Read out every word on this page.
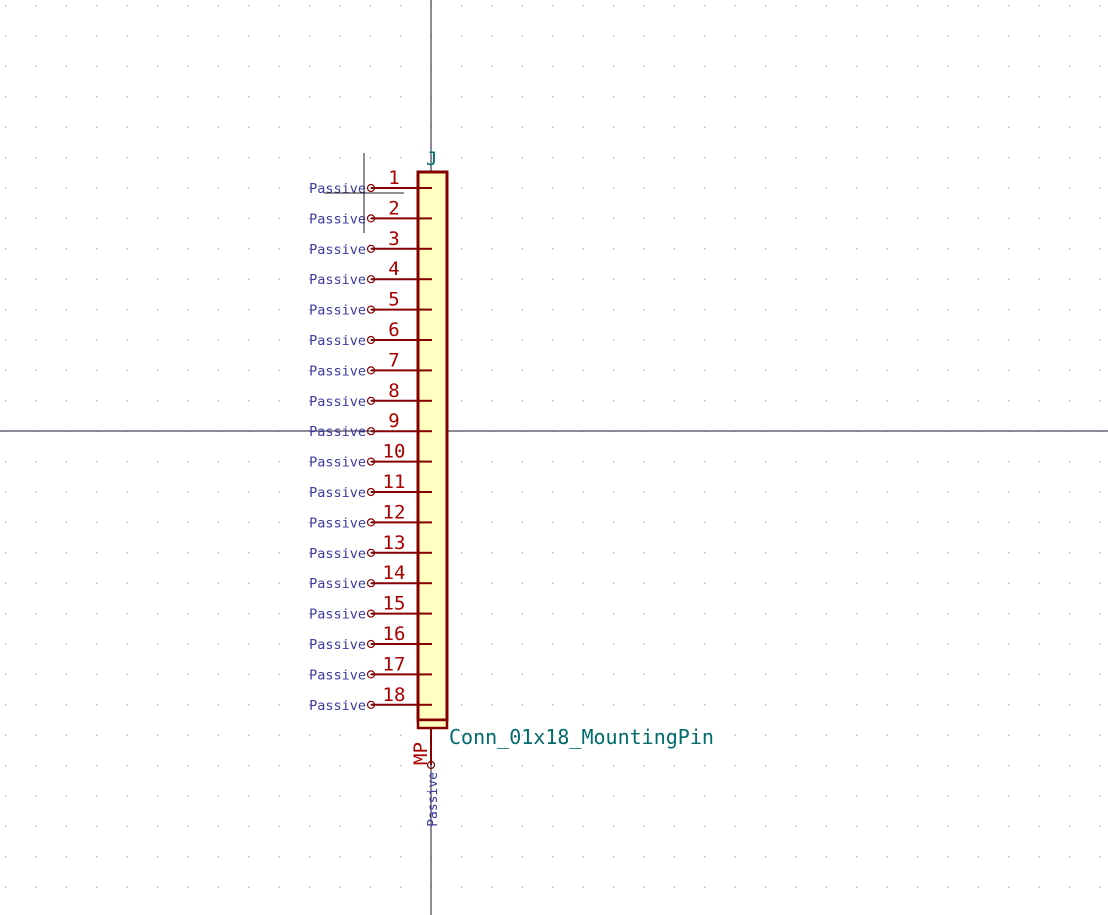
J
1
Passive
2
Passive
3
Passive
4
Passive
5
Passive
6
Passive
7
Passive
8
Passive
9
Passive
10
Passive
11
Passive
12
Passive
13
Passive
14
Passive
15
Passive
16
Passive
17
Passive
18
Passive
MP
Passive
Conn_01x18_MountingPin
